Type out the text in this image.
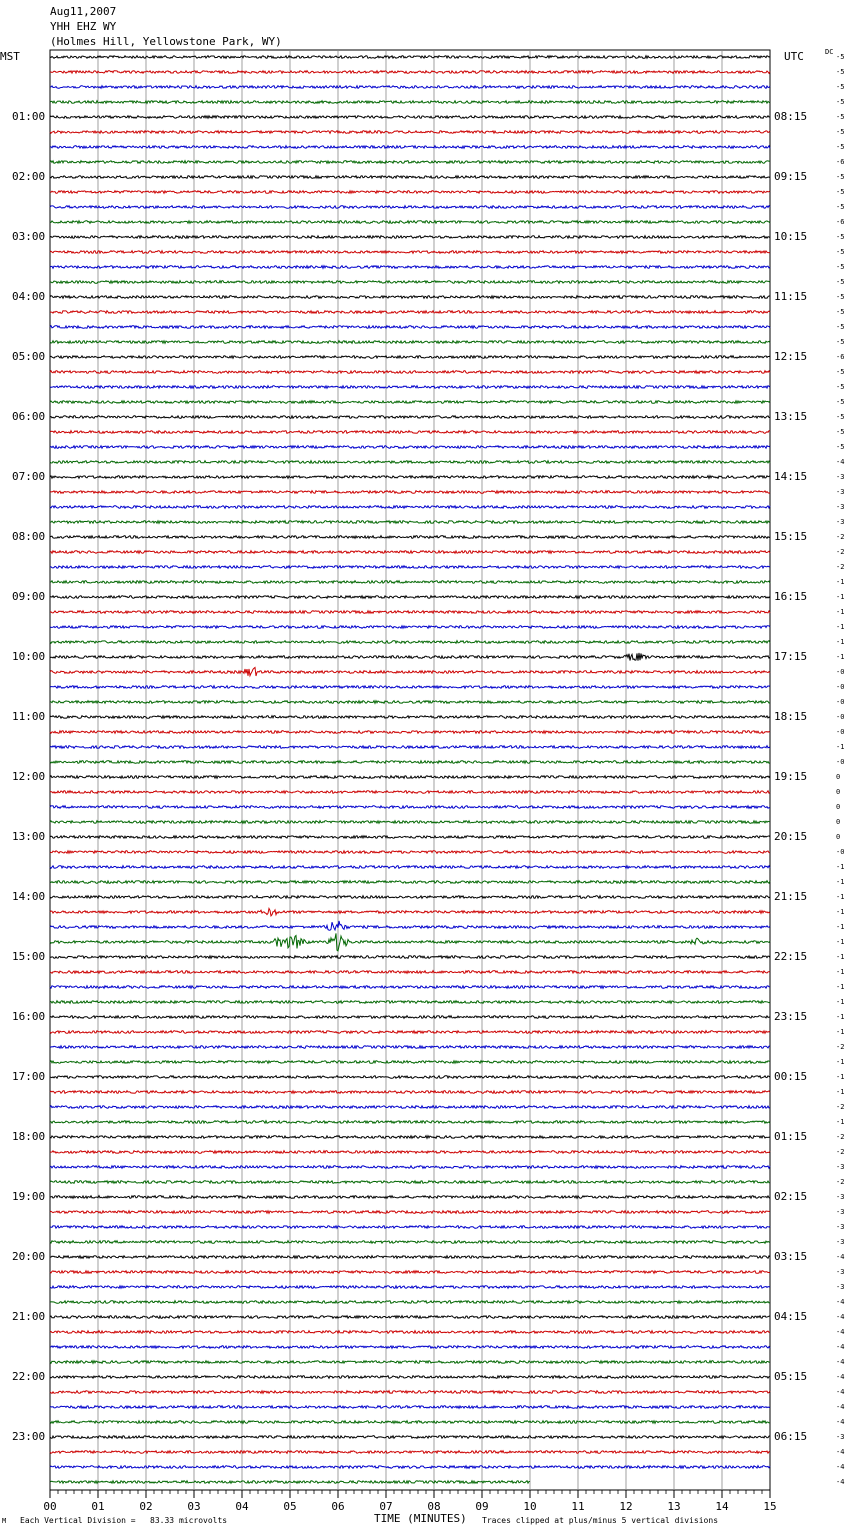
Aug11,2007
YHH EHZ WY
(Holmes Hill, Yellowstone Park, WY)
MST	UTC	DC
00	01	02	03	04	05	06	07	08	09	10	11	12	13	14	15
01:00
02:00
03:00
04:00
05:00
06:00
07:00
08:00
09:00
10:00
11:00
12:00
13:00
14:00
15:00
16:00
17:00
18:00
19:00
20:00
21:00
22:00
23:00
08:15
09:15
10:15
11:15
12:15
13:15
14:15
15:15
16:15
17:15
18:15
19:15
20:15
21:15
22:15
23:15
00:15
01:15
02:15
03:15
04:15
05:15
06:15
-5
-5
-5
-5
-5
-5
-5
-6
-5
-5
-5
-6
-5
-5
-5
-5
-5
-5
-5
-5
-6
-5
-5
-5
-5
-5
-5
-4
-3
-3
-3
-3
-2
-2
-2
-1
-1
-1
-1
-1
-1
-0
-0
-0
-0
-0
-1
-0
0
0
0
0
0
-0
-1
-1
-1
-1
-1
-1
-1
-1
-1
-1
-1
-1
-2
-1
-1
-1
-2
-1
-2
-2
-3
-2
-3
-3
-3
-3
-4
-3
-3
-4
-4
-4
-4
-4
-4
-4
-4
-4
-3
-4
-4
-4
M Each Vertical Division =   83.33 microvolts	TIME (MINUTES) Traces clipped at plus/minus 5 vertical divisions
